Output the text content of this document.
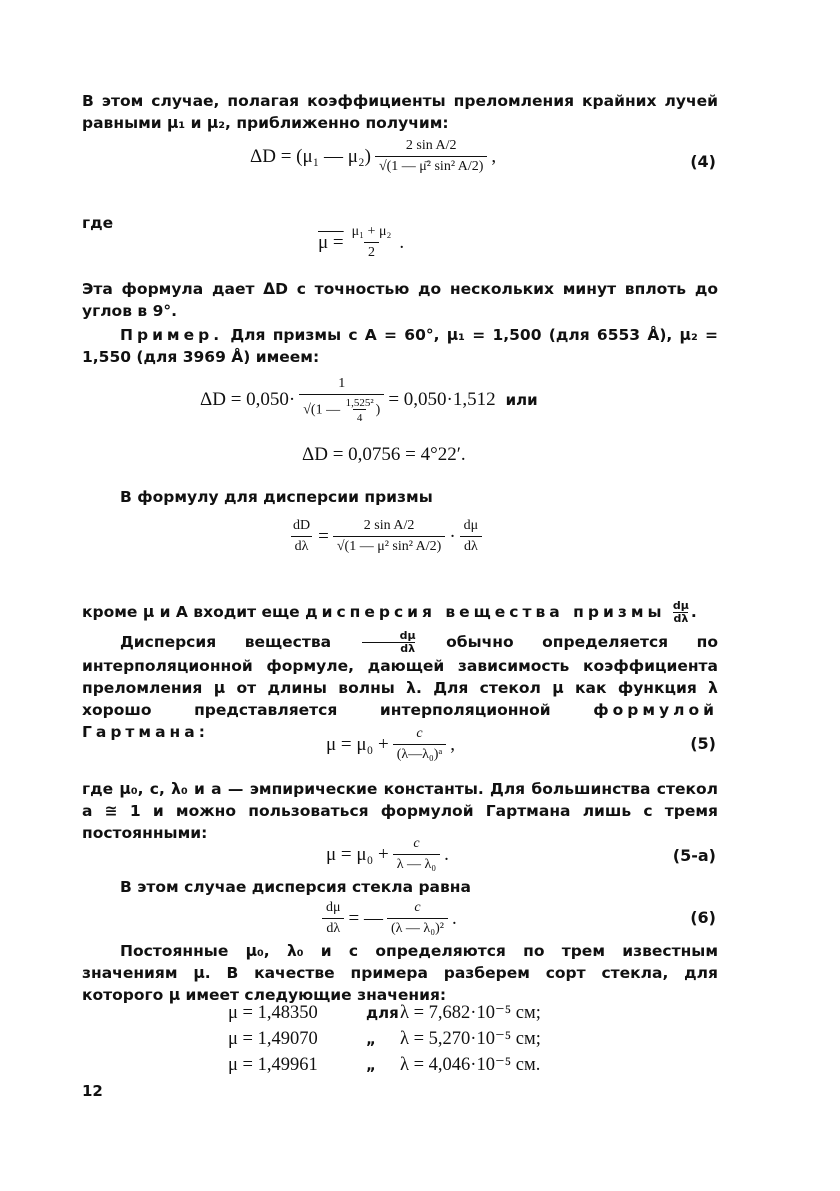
В этом случае, полагая коэффициенты преломления крайних лучей равными μ₁ и μ₂, приближенно получим:

ΔD = (μ₁ — $\mu_2) \frac{\text{2 sin A/2}}{\text{√(1 — μ̄² sin² A/2)}}$ ,	(4)

где

$\mu = \frac{\text{μ₁ + μ₂}}{2}$ .

Эта формула дает ΔD с точностью до нескольких минут вплоть до углов в 9°.

Пример. Для призмы с A = 60°, μ₁ = 1,500 (для 6553 Å), μ₂ = 1,550 (для 3969 Å) имеем:

$\Delta D = 0,050\cdot \frac{1}{√(1 — \frac{\text{1,525²}}{4} )} = 0,050\cdot 1,512$ или
ΔD = 0,0756 = 4°22′.

В формулу для дисперсии призмы

$\frac{dD}{d\lambda} = \frac{\text{2 sin A/2}}{\text{√(1 — μ² sin² A/2)}} \cdot \frac{d\mu}{d\lambda}$

кроме μ и A входит еще дисперсия вещества призмы $\frac{d\mu}{d\lambda}$ .

Дисперсия вещества $\frac{d\mu}{d\lambda}$ обычно определяется по интерполяционной формуле, дающей зависимость коэффициента преломления μ от длины волны λ. Для стекол μ как функция λ хорошо представляется интерполяционной формулой Гартмана:

$\mu = \mu_0 + \frac{c}{\text{(λ—λ₀)ᵃ}}$ ,	(5)

где μ₀, c, λ₀ и a — эмпирические константы. Для большинства стекол a ≅ 1 и можно пользоваться формулой Гартмана лишь с тремя постоянными:

$\mu = \mu_0 + \frac{c}{\text{λ — λ₀}}$ .	(5-a)

В этом случае дисперсия стекла равна

$\frac{d\mu}{d\lambda}$ = — $\frac{c}{\text{(λ — λ₀)²}}$ .	(6)

Постоянные μ₀, λ₀ и c определяются по трем известным значениям μ. В качестве примера разберем сорт стекла, для которого μ имеет следующие значения:

μ = 1,48350	дляλ = 7,682·10⁻⁵ см;
μ = 1,49070	„ λ = 5,270·10⁻⁵ см;
μ = 1,49961	„ λ = 4,046·10⁻⁵ см.
12
